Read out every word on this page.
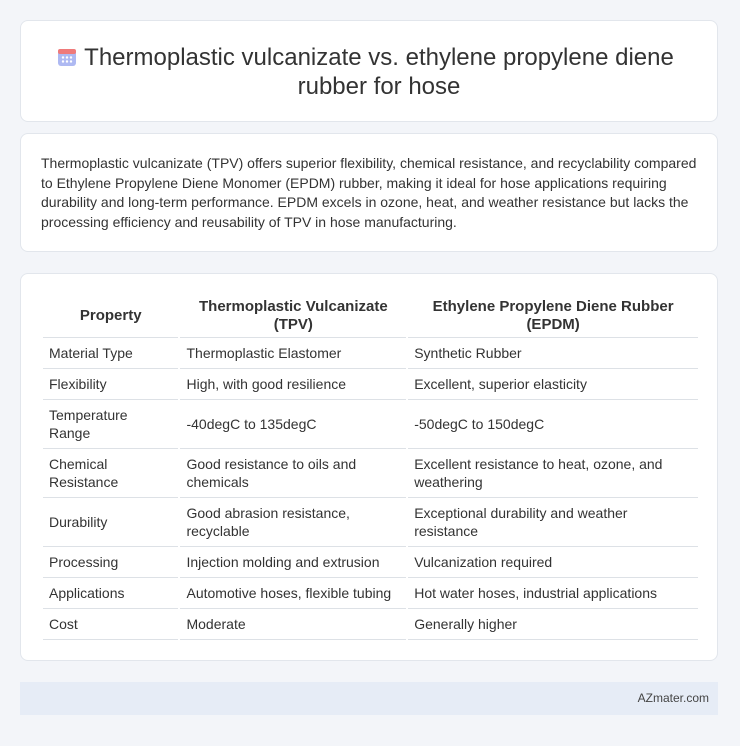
Thermoplastic vulcanizate vs. ethylene propylene diene rubber for hose
Thermoplastic vulcanizate (TPV) offers superior flexibility, chemical resistance, and recyclability compared to Ethylene Propylene Diene Monomer (EPDM) rubber, making it ideal for hose applications requiring durability and long-term performance. EPDM excels in ozone, heat, and weather resistance but lacks the processing efficiency and reusability of TPV in hose manufacturing.
Property	Thermoplastic Vulcanizate (TPV)	Ethylene Propylene Diene Rubber (EPDM)
Material Type	Thermoplastic Elastomer	Synthetic Rubber
Flexibility	High, with good resilience	Excellent, superior elasticity
Temperature Range	-40degC to 135degC	-50degC to 150degC
Chemical Resistance	Good resistance to oils and chemicals	Excellent resistance to heat, ozone, and weathering
Durability	Good abrasion resistance, recyclable	Exceptional durability and weather resistance
Processing	Injection molding and extrusion	Vulcanization required
Applications	Automotive hoses, flexible tubing	Hot water hoses, industrial applications
Cost	Moderate	Generally higher
AZmater.com
